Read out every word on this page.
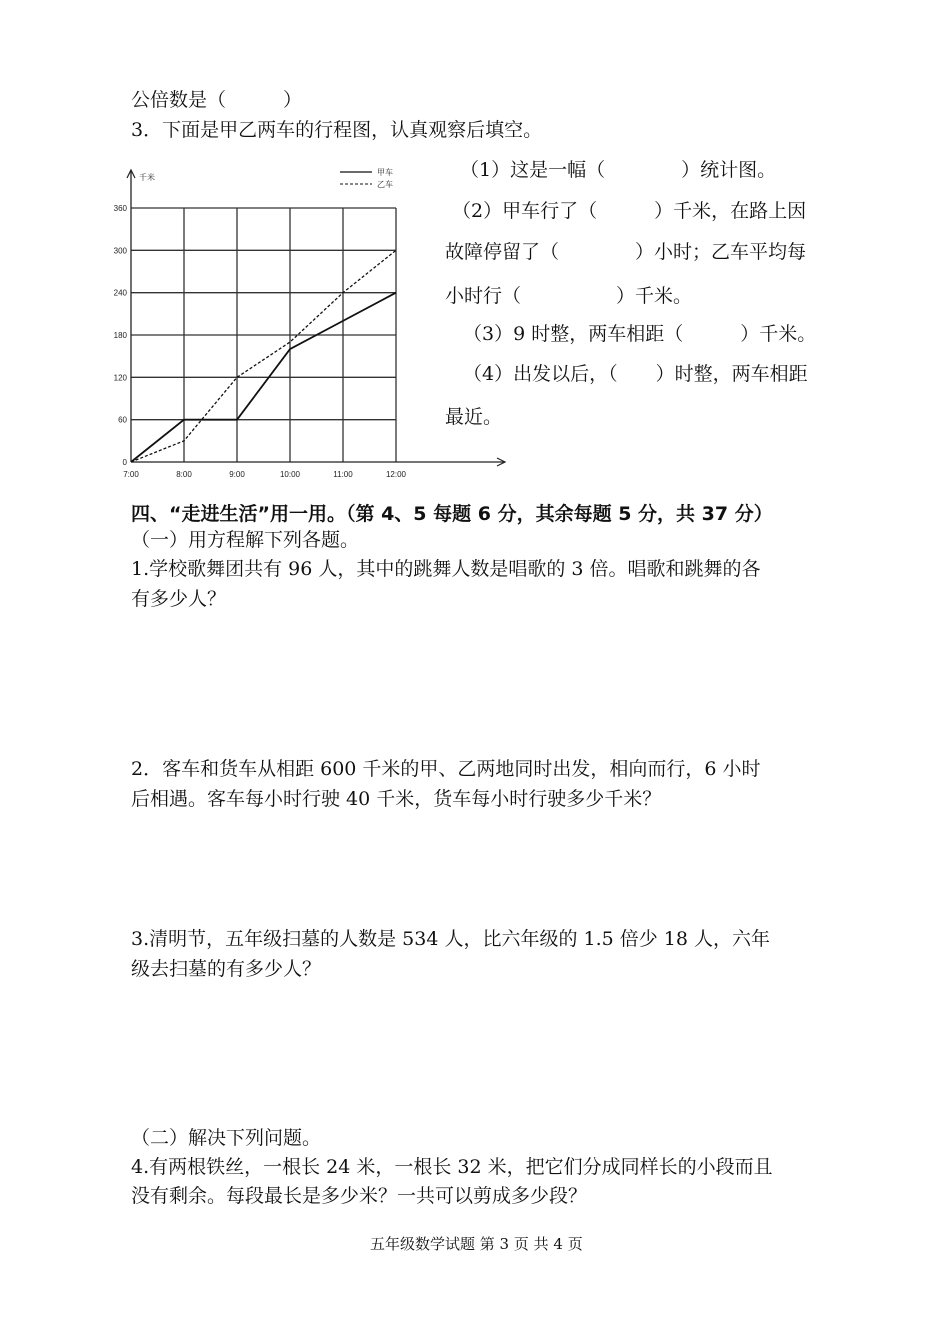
公倍数是（　　　）
3．下面是甲乙两车的行程图，认真观察后填空。
0
60
120
180
240
300
360
7:00	8:00	9:00	10:00	11:00	12:00
千米
甲车
乙车
（1）这是一幅（　　　　）统计图。
（2）甲车行了（　　　）千米，在路上因
故障停留了（　　　　）小时；乙车平均每
小时行（　　　　　）千米。
（3）9 时整，两车相距（　　　）千米。
（4）出发以后，（　　）时整，两车相距
最近。
四、“走进生活”用一用。（第 4、5 每题 6 分，其余每题 5 分，共 37 分）
（一）用方程解下列各题。
1.学校歌舞团共有 96 人，其中的跳舞人数是唱歌的 3 倍。唱歌和跳舞的各
有多少人？
2．客车和货车从相距 600 千米的甲、乙两地同时出发，相向而行，6 小时
后相遇。客车每小时行驶 40 千米，货车每小时行驶多少千米？
3.清明节，五年级扫墓的人数是 534 人，比六年级的 1.5 倍少 18 人，六年
级去扫墓的有多少人？
（二）解决下列问题。
4.有两根铁丝，一根长 24 米，一根长 32 米，把它们分成同样长的小段而且
没有剩余。每段最长是多少米？一共可以剪成多少段？
五年级数学试题 第 3 页 共 4 页
